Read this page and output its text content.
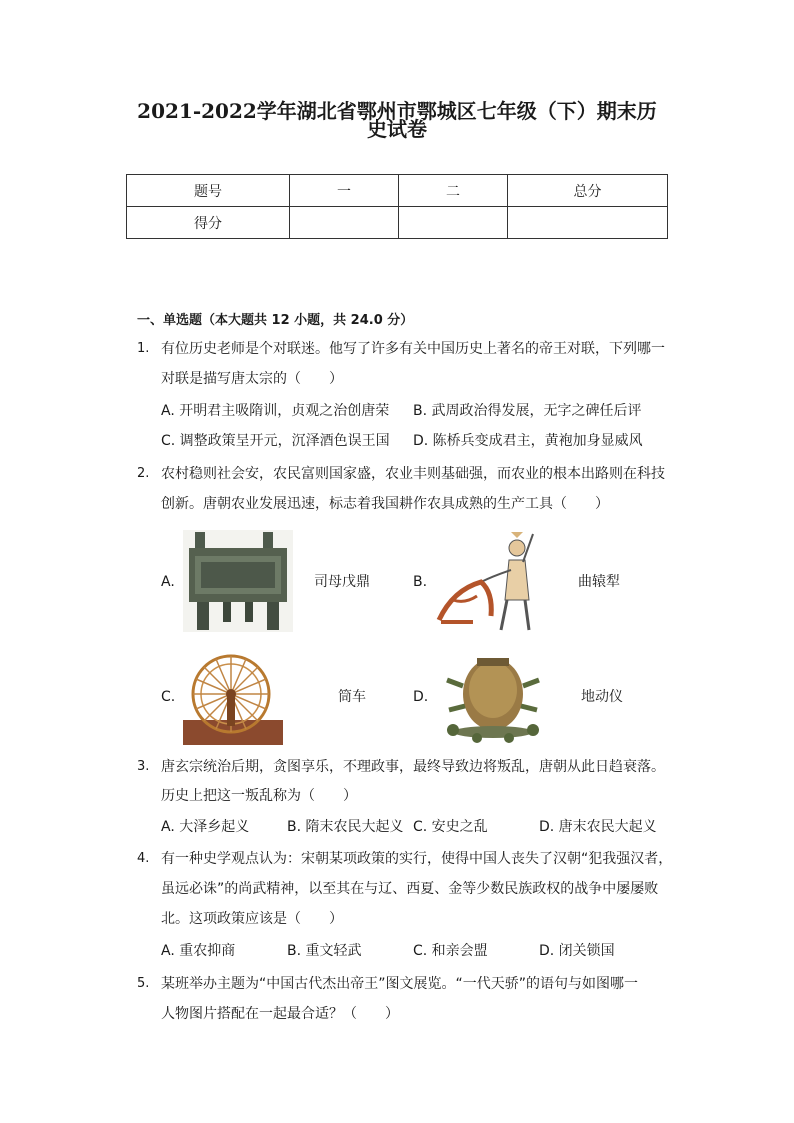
2021-2022学年湖北省鄂州市鄂城区七年级（下）期末历
史试卷
题号	一	二	总分
得分			
一、单选题（本大题共 12 小题，共 24.0 分）
1. 有位历史老师是个对联迷。他写了许多有关中国历史上著名的帝王对联，下列哪一
对联是描写唐太宗的（　　）
A. 开明君主吸隋训，贞观之治创唐荣 B. 武周政治得发展，无字之碑任后评
C. 调整政策呈开元，沉泽酒色误王国 D. 陈桥兵变成君主，黄袍加身显威风
2. 农村稳则社会安，农民富则国家盛，农业丰则基础强，而农业的根本出路则在科技
创新。唐朝农业发展迅速，标志着我国耕作农具成熟的生产工具（　　）
A.	司母戊鼎	B.	曲辕犁
C.	筒车	D.	地动仪
3. 唐玄宗统治后期，贪图享乐，不理政事，最终导致边将叛乱，唐朝从此日趋衰落。
历史上把这一叛乱称为（　　）
A. 大泽乡起义	B. 隋末农民大起义 C. 安史之乱	D. 唐末农民大起义
4. 有一种史学观点认为：宋朝某项政策的实行，使得中国人丧失了汉朝“犯我强汉者，
虽远必诛”的尚武精神，以至其在与辽、西夏、金等少数民族政权的战争中屡屡败
北。这项政策应该是（　　）
A. 重农抑商	B. 重文轻武	C. 和亲会盟	D. 闭关锁国
5. 某班举办主题为“中国古代杰出帝王”图文展览。“一代天骄”的语句与如图哪一
人物图片搭配在一起最合适？（　　）
